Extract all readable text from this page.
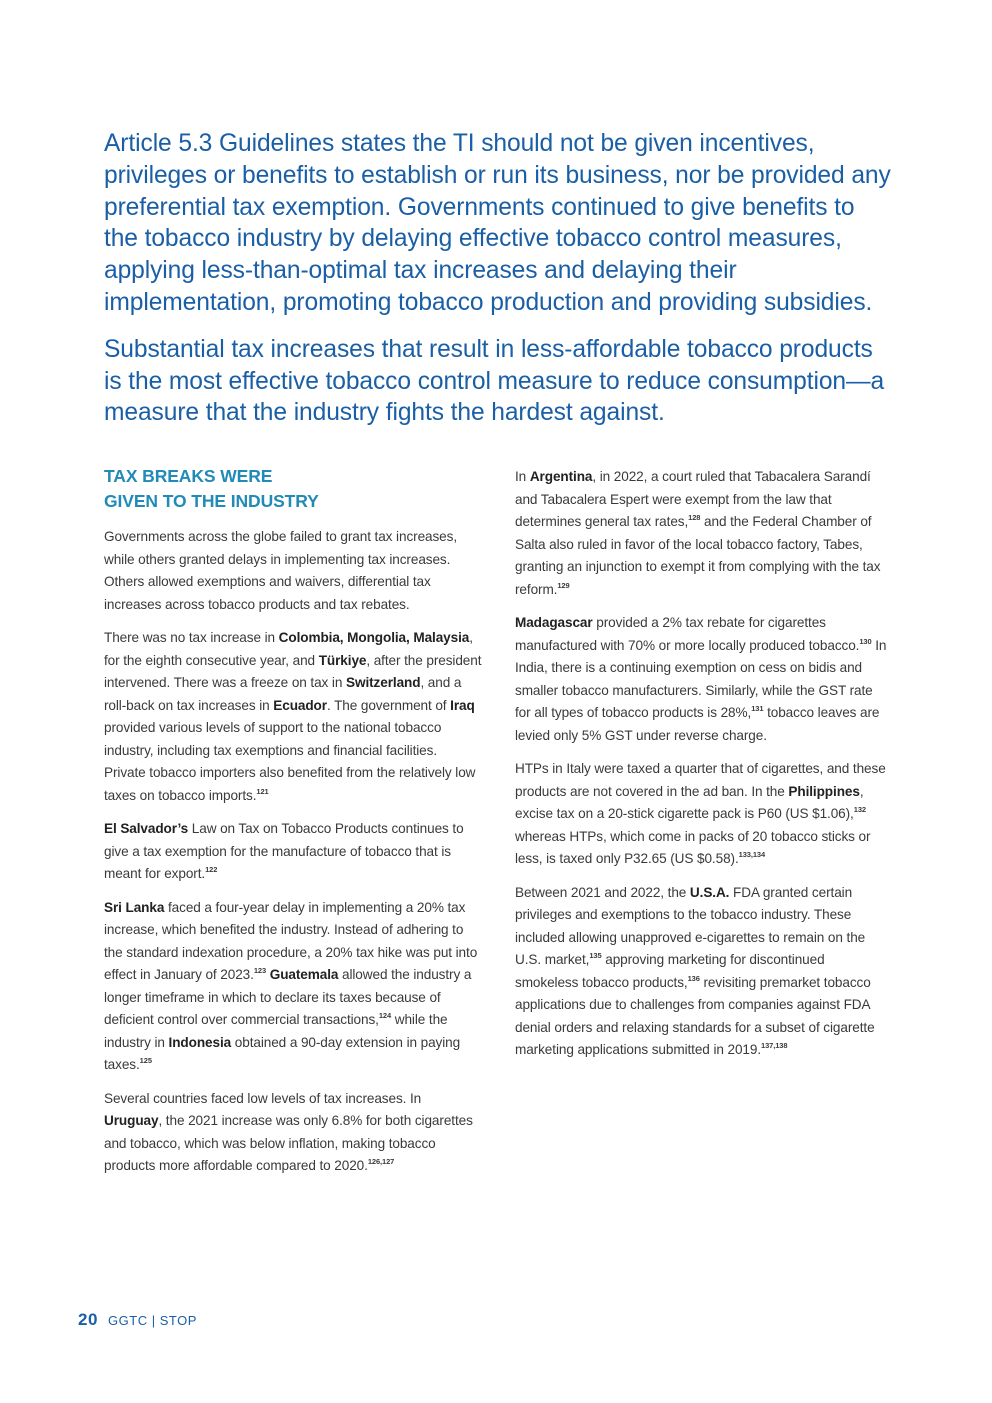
Article 5.3 Guidelines states the TI should not be given incentives, privileges or benefits to establish or run its business, nor be provided any preferential tax exemption. Governments continued to give benefits to the tobacco industry by delaying effective tobacco control measures, applying less-than-optimal tax increases and delaying their implementation, promoting tobacco production and providing subsidies.

Substantial tax increases that result in less-affordable tobacco products is the most effective tobacco control measure to reduce consumption—a measure that the industry fights the hardest against.

TAX BREAKS WERE
GIVEN TO THE INDUSTRY

Governments across the globe failed to grant tax increases, while others granted delays in implementing tax increases. Others allowed exemptions and waivers, differential tax increases across tobacco products and tax rebates.

There was no tax increase in Colombia, Mongolia, Malaysia, for the eighth consecutive year, and Türkiye, after the president intervened. There was a freeze on tax in Switzerland, and a roll-back on tax increases in Ecuador. The government of Iraq provided various levels of support to the national tobacco industry, including tax exemptions and financial facilities. Private tobacco importers also benefited from the relatively low taxes on tobacco imports.$^{121}$

El Salvador’s Law on Tax on Tobacco Products continues to give a tax exemption for the manufacture of tobacco that is meant for export.$^{122}$

Sri Lanka faced a four-year delay in implementing a 20% tax increase, which benefited the industry. Instead of adhering to the standard indexation procedure, a 20% tax hike was put into effect in January of 2023.$^{123}$ Guatemala allowed the industry a longer timeframe in which to declare its taxes because of deficient control over commercial transactions,$^{124}$ while the industry in Indonesia obtained a 90-day extension in paying taxes.$^{125}$

Several countries faced low levels of tax increases. In Uruguay, the 2021 increase was only 6.8% for both cigarettes and tobacco, which was below inflation, making tobacco products more affordable compared to 2020.$^{126,127}$

In Argentina, in 2022, a court ruled that Tabacalera Sarandí and Tabacalera Espert were exempt from the law that determines general tax rates,$^{128}$ and the Federal Chamber of Salta also ruled in favor of the local tobacco factory, Tabes, granting an injunction to exempt it from complying with the tax reform.$^{129}$

Madagascar provided a 2% tax rebate for cigarettes manufactured with 70% or more locally produced tobacco.$^{130}$ In India, there is a continuing exemption on cess on bidis and smaller tobacco manufacturers. Similarly, while the GST rate for all types of tobacco products is 28%,$^{131}$ tobacco leaves are levied only 5% GST under reverse charge.

HTPs in Italy were taxed a quarter that of cigarettes, and these products are not covered in the ad ban. In the Philippines, excise tax on a 20-stick cigarette pack is P60 (US $1.06),$^{132}$ whereas HTPs, which come in packs of 20 tobacco sticks or less, is taxed only P32.65 (US $0.58).$^{133,134}$

Between 2021 and 2022, the U.S.A. FDA granted certain privileges and exemptions to the tobacco industry. These included allowing unapproved e-cigarettes to remain on the U.S. market,$^{135}$ approving marketing for discontinued smokeless tobacco products,$^{136}$ revisiting premarket tobacco applications due to challenges from companies against FDA denial orders and relaxing standards for a subset of cigarette marketing applications submitted in 2019.$^{137,138}$

20 GGTC | STOP
